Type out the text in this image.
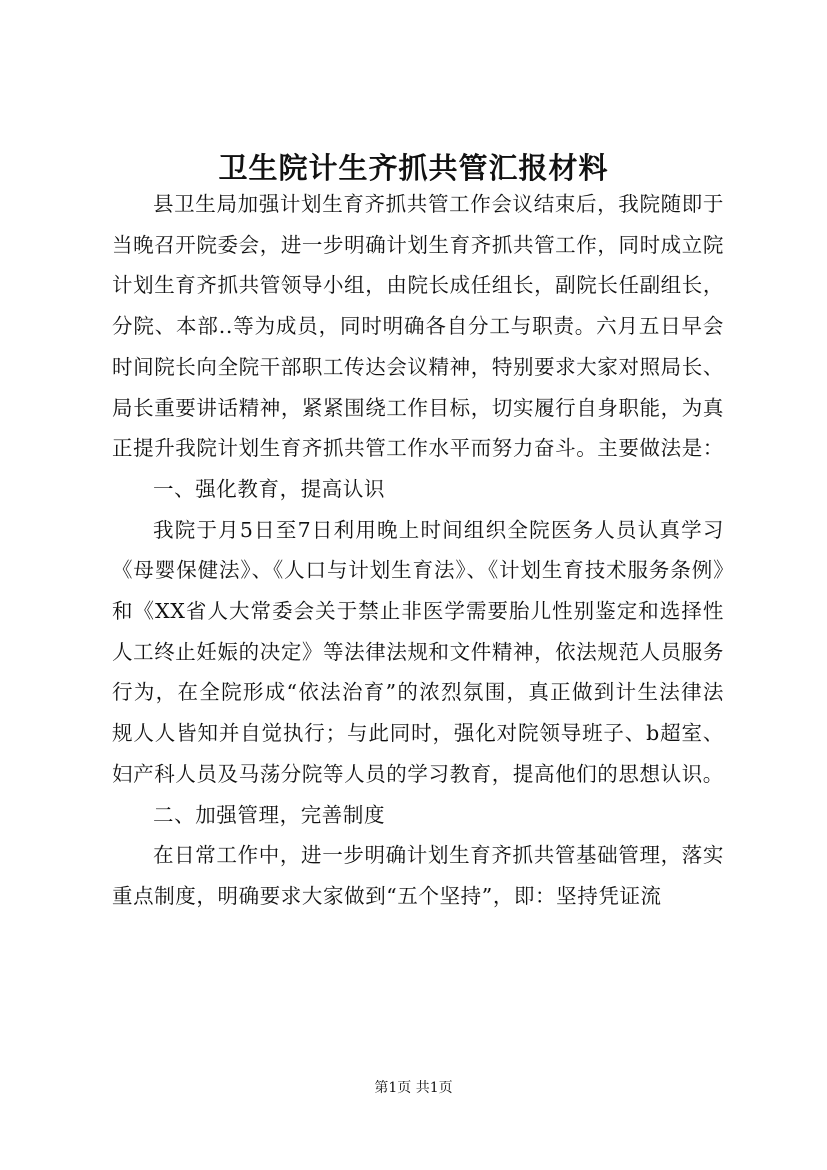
卫生院计生齐抓共管汇报材料

县卫生局加强计划生育齐抓共管工作会议结束后，我院随即于当晚召开院委会，进一步明确计划生育齐抓共管工作，同时成立院计划生育齐抓共管领导小组，由院长成任组长，副院长任副组长，分院、本部..等为成员，同时明确各自分工与职责。六月五日早会时间院长向全院干部职工传达会议精神，特别要求大家对照局长、局长重要讲话精神，紧紧围绕工作目标，切实履行自身职能，为真正提升我院计划生育齐抓共管工作水平而努力奋斗。主要做法是：

一、强化教育，提高认识

我院于月5日至7日利用晚上时间组织全院医务人员认真学习《母婴保健法》、《人口与计划生育法》、《计划生育技术服务条例》和《XX省人大常委会关于禁止非医学需要胎儿性别鉴定和选择性人工终止妊娠的决定》等法律法规和文件精神，依法规范人员服务行为，在全院形成“依法治育”的浓烈氛围，真正做到计生法律法规人人皆知并自觉执行；与此同时，强化对院领导班子、b超室、妇产科人员及马荡分院等人员的学习教育，提高他们的思想认识。

二、加强管理，完善制度

在日常工作中，进一步明确计划生育齐抓共管基础管理，落实重点制度，明确要求大家做到“五个坚持”，即：坚持凭证流

第1页 共1页
